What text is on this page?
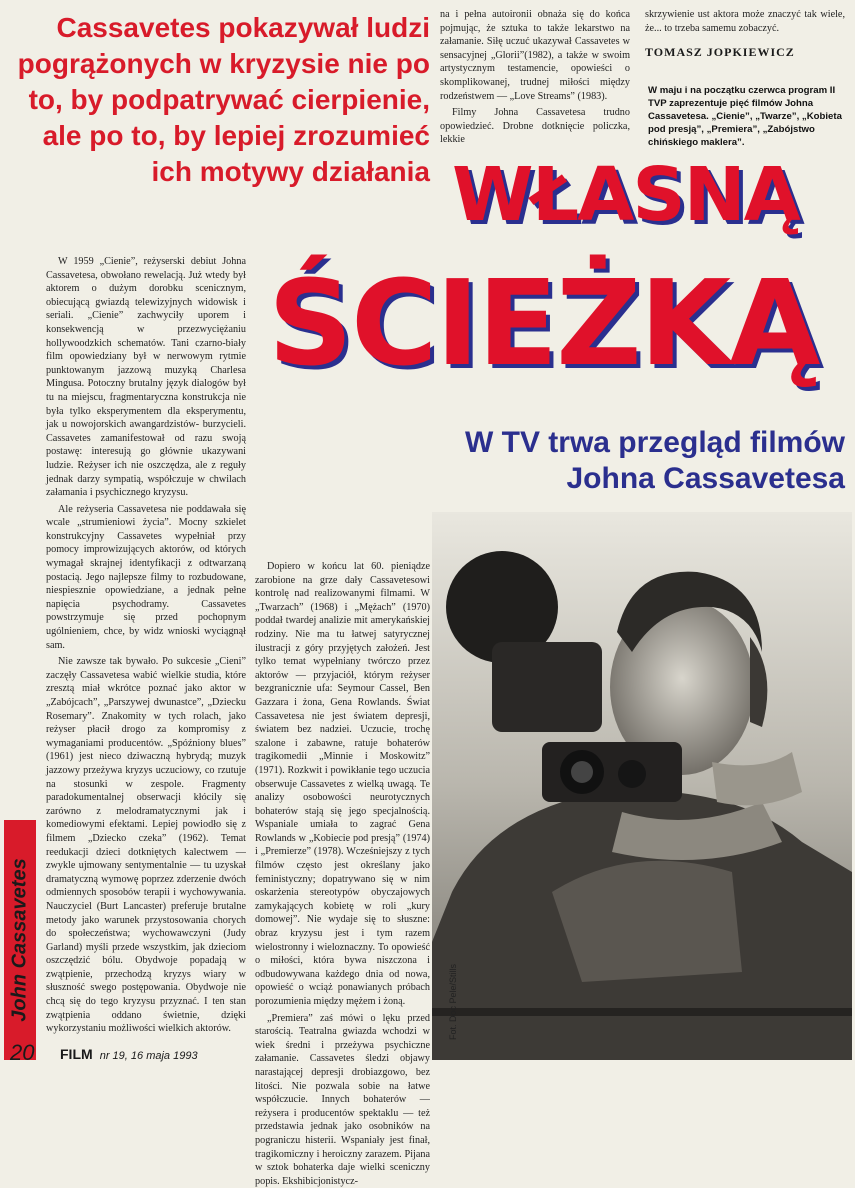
Cassavetes pokazywał ludzi pogrążonych w kryzysie nie po to, by podpatrywać cierpienie, ale po to, by lepiej zrozumieć ich motywy działania

na i pełna autoironii obnaża się do końca pojmując, że sztuka to także lekarstwo na załamanie. Siłę uczuć ukazywał Cassavetes w sensacyjnej „Glorii”(1982), a także w swoim artystycznym testamencie, opowieści o skomplikowanej, trudnej miłości między rodzeństwem — „Love Streams” (1983).

Filmy Johna Cassavetesa trudno opowiedzieć. Drobne dotknięcie policzka, lekkie

skrzywienie ust aktora może znaczyć tak wiele, że... to trzeba samemu zobaczyć.

TOMASZ JOPKIEWICZ
W maju i na początku czerwca program II TVP zaprezentuje pięć filmów Johna Cassavetesa. „Cienie”, „Twarze”, „Kobieta pod presją”, „Premiera”, „Zabójstwo chińskiego maklera”.
WŁASNĄ
ŚCIEŻKĄ
W TV trwa przegląd filmów Johna Cassavetesa

W 1959 „Cienie”, reżyserski debiut Johna Cassavetesa, obwołano rewelacją. Już wtedy był aktorem o dużym dorobku scenicznym, obiecującą gwiazdą telewizyjnych widowisk i seriali. „Cienie” zachwyciły uporem i konsekwencją w przezwyciężaniu hollywoodzkich schematów. Tani czarno-biały film opowiedziany był w nerwowym rytmie punktowanym jazzową muzyką Charlesa Mingusa. Potoczny brutalny język dialogów był tu na miejscu, fragmentaryczna konstrukcja nie była tylko eksperymentem dla eksperymentu, jak u nowojorskich awangardzistów- burzycieli. Cassavetes zamanifestował od razu swoją postawę: interesują go głównie ukazywani ludzie. Reżyser ich nie oszczędza, ale z reguły jednak darzy sympatią, współczuje w chwilach załamania i psychicznego kryzysu.

Ale reżyseria Cassavetesa nie poddawała się wcale „strumieniowi życia”. Mocny szkielet konstrukcyjny Cassavetes wypełniał przy pomocy improwizujących aktorów, od których wymagał skrajnej identyfikacji z odtwarzaną postacią. Jego najlepsze filmy to rozbudowane, niespiesznie opowiedziane, a jednak pełne napięcia psychodramy. Cassavetes powstrzymuje się przed pochopnym ugólnieniem, chce, by widz wnioski wyciągnął sam.

Nie zawsze tak bywało. Po sukcesie „Cieni” zaczęły Cassavetesa wabić wielkie studia, które zresztą miał wkrótce poznać jako aktor w „Zabójcach”, „Parszywej dwunastce”, „Dziecku Rosemary”. Znakomity w tych rolach, jako reżyser płacił drogo za kompromisy z wymaganiami producentów. „Spóźniony blues” (1961) jest nieco dziwaczną hybrydą; muzyk jazzowy przeżywa kryzys uczuciowy, co rzutuje na stosunki w zespole. Fragmenty paradokumentalnej obserwacji kłócily się zarówno z melodramatycznymi jak i komediowymi efektami. Lepiej powiodło się z filmem „Dziecko czeka” (1962). Temat reedukacji dzieci dotkniętych kalectwem — zwykle ujmowany sentymentalnie — tu uzyskał dramatyczną wymowę poprzez zderzenie dwóch odmiennych sposobów terapii i wychowywania. Nauczyciel (Burt Lancaster) preferuje brutalne metody jako warunek przystosowania chorych do społeczeństwa; wychowawczyni (Judy Garland) myśli przede wszystkim, jak dzieciom oszczędzić bólu. Obydwoje popadają w zwątpienie, przechodzą kryzys wiary w słuszność swego postępowania. Obydwoje nie chcą się do tego kryzysu przyznać. I ten stan zwątpienia oddano świetnie, dzięki wykorzystaniu możliwości wielkich aktorów.

Dopiero w końcu lat 60. pieniądze zarobione na grze dały Cassavetesowi kontrolę nad realizowanymi filmami. W „Twarzach” (1968) i „Mężach” (1970) poddał twardej analizie mit amerykańskiej rodziny. Nie ma tu łatwej satyrycznej ilustracji z góry przyjętych założeń. Jest tylko temat wypełniany twórczo przez aktorów — przyjaciół, którym reżyser bezgranicznie ufa: Seymour Cassel, Ben Gazzara i żona, Gena Rowlands. Świat Cassavetesa nie jest światem depresji, światem bez nadziei. Uczucie, trochę szalone i zabawne, ratuje bohaterów tragikomedii „Minnie i Moskowitz” (1971). Rozkwit i powikłanie tego uczucia obserwuje Cassavetes z wielką uwagą. Te analizy osobowości neurotycznych bohaterów stają się jego specjalnością. Wspaniale umiała to zagrać Gena Rowlands w „Kobiecie pod presją” (1974) i „Premierze” (1978). Wcześniejszy z tych filmów często jest określany jako feministyczny; dopatrywano się w nim oskarżenia stereotypów obyczajowych zamykających kobietę w roli „kury domowej”. Nie wydaje się to słuszne: obraz kryzysu jest i tym razem wielostronny i wieloznaczny. To opowieść o miłości, która bywa niszczona i odbudowywana każdego dnia od nowa, opowieść o wciąż ponawianych próbach porozumienia między mężem i żoną.

„Premiera” zaś mówi o lęku przed starością. Teatralna gwiazda wchodzi w wiek średni i przeżywa psychiczne załamanie. Cassavetes śledzi objawy narastającej depresji drobiazgowo, bez litości. Nie pozwala sobie na łatwe współczucie. Innych bohaterów — reżysera i producentów spektaklu — też przedstawia jednak jako osobników na pograniczu histerii. Wspaniały jest finał, tragikomiczny i heroiczny zarazem. Pijana w sztok bohaterka daje wielki sceniczny popis. Ekshibicjonistycz-

John Cassavetes
20 FILM nr 19, 16 maja 1993
Fot. Doc Pele/Stills
